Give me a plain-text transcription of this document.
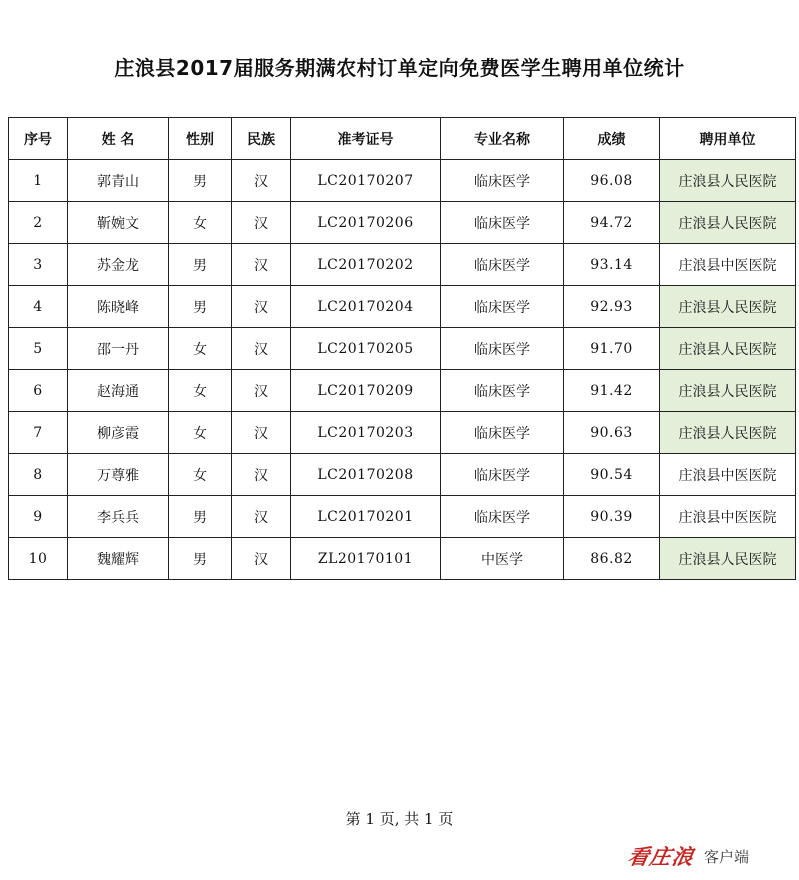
庄浪县2017届服务期满农村订单定向免费医学生聘用单位统计
序号	姓 名	性别	民族	准考证号	专业名称	成绩	聘用单位
1	郭青山	男	汉	LC20170207	临床医学	96.08	庄浪县人民医院
2	靳婉文	女	汉	LC20170206	临床医学	94.72	庄浪县人民医院
3	苏金龙	男	汉	LC20170202	临床医学	93.14	庄浪县中医医院
4	陈晓峰	男	汉	LC20170204	临床医学	92.93	庄浪县人民医院
5	邵一丹	女	汉	LC20170205	临床医学	91.70	庄浪县人民医院
6	赵海通	女	汉	LC20170209	临床医学	91.42	庄浪县人民医院
7	柳彦霞	女	汉	LC20170203	临床医学	90.63	庄浪县人民医院
8	万尊雅	女	汉	LC20170208	临床医学	90.54	庄浪县中医医院
9	李兵兵	男	汉	LC20170201	临床医学	90.39	庄浪县中医医院
10	魏耀辉	男	汉	ZL20170101	中医学	86.82	庄浪县人民医院
第 1 页, 共 1 页
看庄浪 客户端
